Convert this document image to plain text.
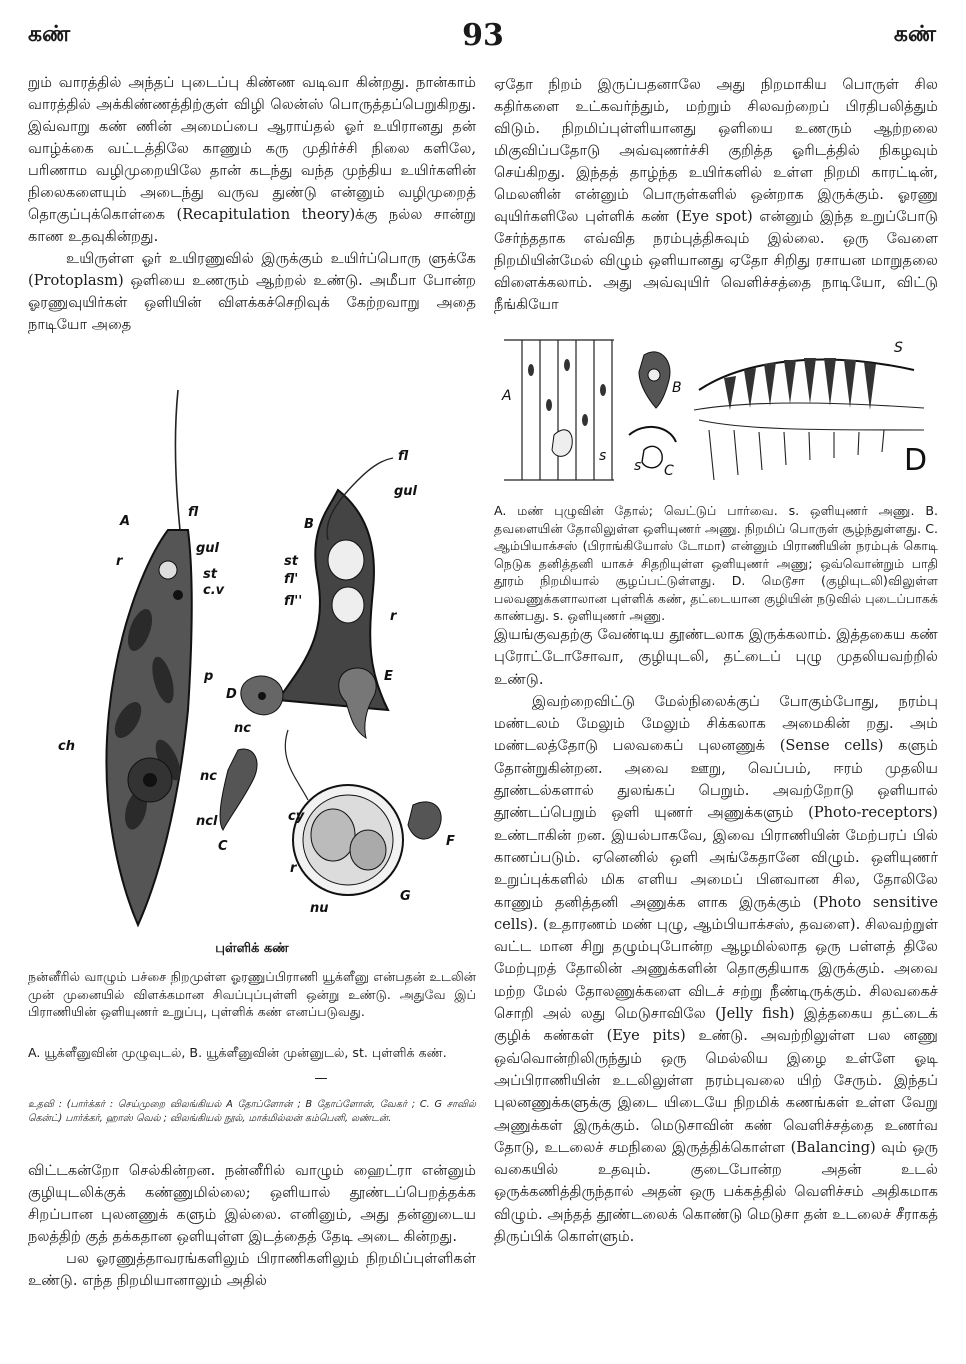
கண்	93	கண்

றும் வாரத்தில் அந்தப் புடைப்பு கிண்ண வடிவா கின்றது. நான்காம் வாரத்தில் அக்கிண்ணத்திற்குள் விழி லென்ஸ் பொருத்தப்பெறுகிறது. இவ்வாறு கண் ணின் அமைப்பை ஆராய்தல் ஓர் உயிரானது தன் வாழ்க்கை வட்டத்திலே காணும் கரு முதிர்ச்சி நிலை களிலே, பரிணாம வழிமுறையிலே தான் கடந்து வந்த முந்திய உயிர்களின் நிலைகளையும் அடைந்து வருவ துண்டு என்னும் வழிமுறைத் தொகுப்புக்கொள்கை (Recapitulation theory)க்கு நல்ல சான்று காண உதவுகின்றது.

உயிருள்ள ஓர் உயிரணுவில் இருக்கும் உயிர்ப்பொரு ளுக்கே (Protoplasm) ஒளியை உணரும் ஆற்றல் உண்டு. அமீபா போன்ற ஓரணுவுயிர்கள் ஒளியின் விளக்கச்செறிவுக் கேற்றவாறு அதை நாடியோ அதை

A
fl
gul
r
st
c.v
p
ch
nc
ncl
B
fl
gul
st
fl'
fl''
r
C
D
nc
E
F
cy
r
nu
G
புள்ளிக் கண்
நன்னீரில் வாழும் பச்சை நிறமுள்ள ஓரணுப்பிராணி யூக்ளீனு என்பதன் உடலின் முன் முனையில் விளக்கமான சிவப்புப்புள்ளி ஒன்று உண்டு. அதுவே இப் பிராணியின் ஒளியுணர் உறுப்பு, புள்ளிக் கண் எனப்படுவது.
A. யூக்ளீனுவின் முழுவுடல், B. யூக்ளீனுவின் முன்னுடல், st. புள்ளிக் கண்.
உதவி : (பார்க்கர் : செய்முறை விலங்கியல் A தோப்ளோன் ; B தோப்ளோன், வேகர் ; C. G சாவில் கென்ட்) பார்க்கர், ஹாஸ் வெல் ; விலங்கியல் நூல், மாக்மில்லன் கம்பெனி, லண்டன்.

விட்டகன்றோ செல்கின்றன. நன்னீரில் வாழும் ஹைட்ரா என்னும் குழியுடலிக்குக் கண்ணுமில்லை; ஒளியால் தூண்டப்பெறத்தக்க சிறப்பான புலனணுக் களும் இல்லை. எனினும், அது தன்னுடைய நலத்திற் குத் தக்கதான ஒளியுள்ள இடத்தைத் தேடி அடை கின்றது.

பல ஓரணுத்தாவரங்களிலும் பிராணிகளிலும் நிறமிப்புள்ளிகள் உண்டு. எந்த நிறமியானாலும் அதில்

ஏதோ நிறம் இருப்பதனாலே அது நிறமாகிய பொருள் சில கதிர்களை உட்கவர்ந்தும், மற்றும் சிலவற்றைப் பிரதிபலித்தும் விடும். நிறமிப்புள்ளியானது ஒளியை உணரும் ஆற்றலை மிகுவிப்பதோடு அவ்வுணர்ச்சி குறித்த ஓரிடத்தில் நிகழவும் செய்கிறது. இந்தத் தாழ்ந்த உயிர்களில் உள்ள நிறமி காரட்டின், மெலனின் என்னும் பொருள்களில் ஒன்றாக இருக்கும். ஓரணு வுயிர்களிலே புள்ளிக் கண் (Eye spot) என்னும் இந்த உறுப்போடு சேர்ந்ததாக எவ்வித நரம்புத்திசுவும் இல்லை. ஒரு வேளை நிறமியின்மேல் விழும் ஒளியானது ஏதோ சிறிது ரசாயன மாறுதலை விளைக்கலாம். அது அவ்வுயிர் வெளிச்சத்தை நாடியோ, விட்டு நீங்கியோ

A
s
B
s C
S
D
A. மண் புழுவின் தோல்; வெட்டுப் பார்வை. s. ஒளியுணர் அணு. B. தவளையின் தோலிலுள்ள ஒளியுணர் அணு. நிறமிப் பொருள் சூழ்ந்துள்ளது. C. ஆம்பியாக்சஸ் (பிராங்கியோஸ் டோமா) என்னும் பிராணியின் நரம்புக் கொடி நெடுக தனித்தனி யாகச் சிதறியுள்ள ஒளியுணர் அணு; ஒவ்வொன்றும் பாதி தூரம் நிறமியால் சூழப்பட்டுள்ளது. D. மெடூசா (குழியுடலி)விலுள்ள பலவணுக்களாலான புள்ளிக் கண், தட்டையான குழியின் நடுவில் புடைப்பாகக் காண்பது. s. ஒளியுணர் அணு.

இயங்குவதற்கு வேண்டிய தூண்டலாக இருக்கலாம். இத்தகைய கண் புரோட்டோசோவா, குழியுடலி, தட்டைப் புழு முதலியவற்றில் உண்டு.

இவற்றைவிட்டு மேல்நிலைக்குப் போகும்போது, நரம்பு மண்டலம் மேலும் மேலும் சிக்கலாக அமைகின் றது. அம் மண்டலத்தோடு பலவகைப் புலனணுக் (Sense cells) களும் தோன்றுகின்றன. அவை ஊறு, வெப்பம், ஈரம் முதலிய தூண்டல்களால் துலங்கப் பெறும். அவற்றோடு ஒளியால் தூண்டப்பெறும் ஒளி யுணர் அணுக்களும் (Photo-receptors) உண்டாகின் றன. இயல்பாகவே, இவை பிராணியின் மேற்பரப் பில் காணப்படும். ஏனெனில் ஒளி அங்கேதானே விழும். ஒளியுணர் உறுப்புக்களில் மிக எளிய அமைப் பினவான சில, தோலிலே காணும் தனித்தனி அணுக்க ளாக இருக்கும் (Photo sensitive cells). (உதாரணம் மண் புழு, ஆம்பியாக்சஸ், தவளை). சிலவற்றுள் வட்ட மான சிறு தழும்புபோன்ற ஆழமில்லாத ஒரு பள்ளத் திலே மேற்புறத் தோலின் அணுக்களின் தொகுதியாக இருக்கும். அவை மற்ற மேல் தோலணுக்களை விடச் சற்று நீண்டிருக்கும். சிலவகைச் சொறி அல் லது மெடுசாவிலே (Jelly fish) இத்தகைய தட்டைக் குழிக் கண்கள் (Eye pits) உண்டு. அவற்றிலுள்ள பல னணு ஒவ்வொன்றிலிருந்தும் ஒரு மெல்லிய இழை உள்ளே ஓடி அப்பிராணியின் உடலிலுள்ள நரம்புவலை யிற் சேரும். இந்தப் புலனணுக்களுக்கு இடை யிடையே நிறமிக் கணங்கள் உள்ள வேறு அணுக்கள் இருக்கும். மெடுசாவின் கண் வெளிச்சத்தை உணர்வ தோடு, உடலைச் சமநிலை இருத்திக்கொள்ள (Balancing) வும் ஒரு வகையில் உதவும். குடைபோன்ற அதன் உடல் ஒருக்கணித்திருந்தால் அதன் ஒரு பக்கத்தில் வெளிச்சம் அதிகமாக விழும். அந்தத் தூண்டலைக் கொண்டு மெடுசா தன் உடலைச் சீராகத் திருப்பிக் கொள்ளும்.
